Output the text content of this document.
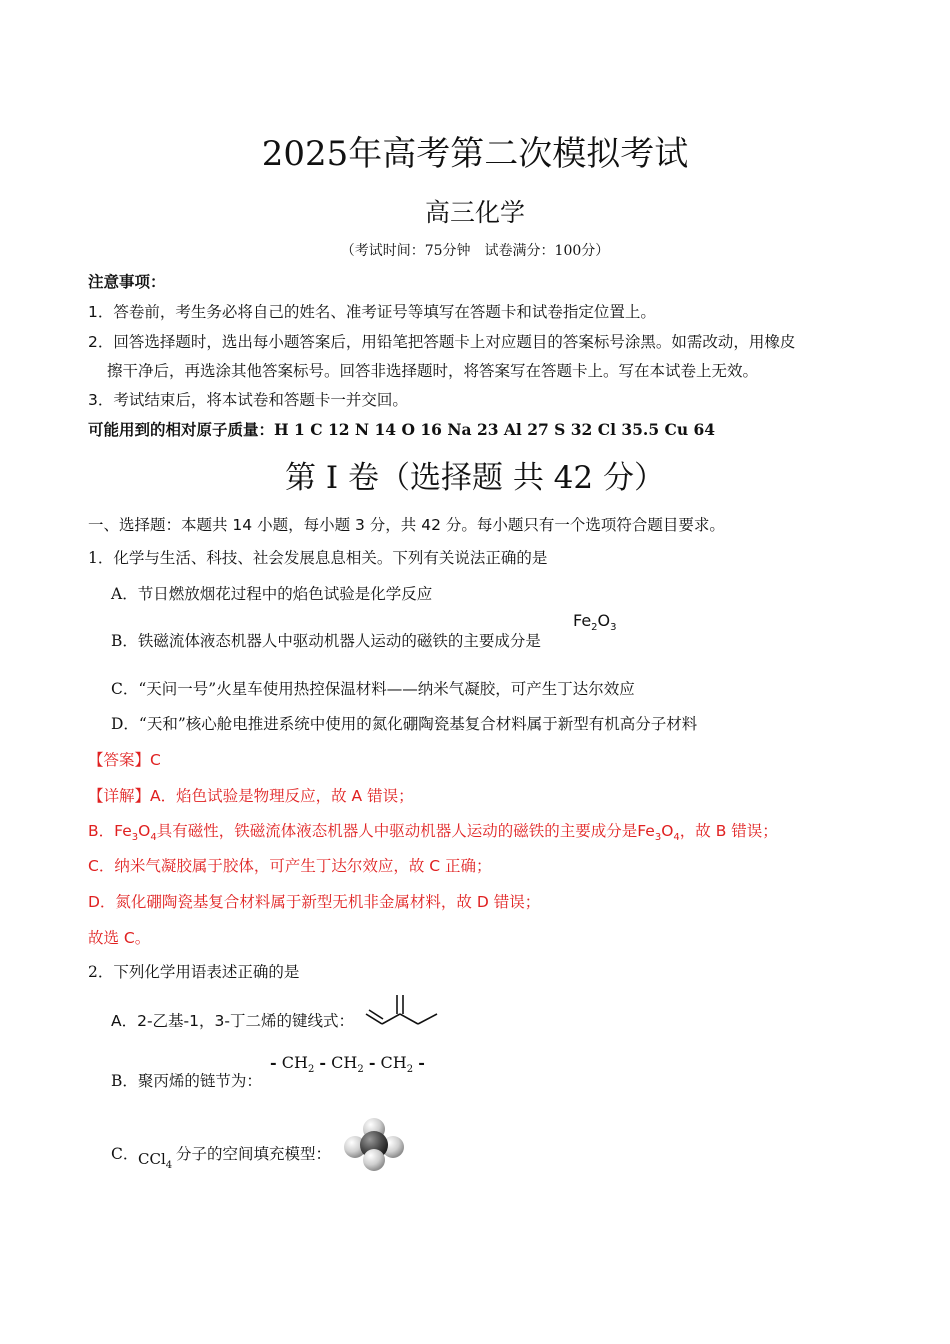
2025年高考第二次模拟考试
高三化学
（考试时间：75分钟　试卷满分：100分）
注意事项：
1．答卷前，考生务必将自己的姓名、准考证号等填写在答题卡和试卷指定位置上。
2．回答选择题时，选出每小题答案后，用铅笔把答题卡上对应题目的答案标号涂黑。如需改动，用橡皮
擦干净后，再选涂其他答案标号。回答非选择题时，将答案写在答题卡上。写在本试卷上无效。
3．考试结束后，将本试卷和答题卡一并交回。
可能用到的相对原子质量：H 1 C 12 N 14 O 16 Na 23 Al 27 S 32 Cl 35.5 Cu 64
第 I 卷（选择题 共 42 分）
一、选择题：本题共 14 小题，每小题 3 分，共 42 分。每小题只有一个选项符合题目要求。
1．化学与生活、科技、社会发展息息相关。下列有关说法正确的是
A．节日燃放烟花过程中的焰色试验是化学反应
B．铁磁流体液态机器人中驱动机器人运动的磁铁的主要成分是
$Fe_2O_3$
C．“天问一号”火星车使用热控保温材料——纳米气凝胶，可产生丁达尔效应
D．“天和”核心舱电推进系统中使用的氮化硼陶瓷基复合材料属于新型有机高分子材料
【答案】C
【详解】A．焰色试验是物理反应，故 A 错误；
B．$Fe_3O_4$具有磁性，铁磁流体液态机器人中驱动机器人运动的磁铁的主要成分是$Fe_3O_4$，故 B 错误；
C．纳米气凝胶属于胶体，可产生丁达尔效应，故 C 正确；
D．氮化硼陶瓷基复合材料属于新型无机非金属材料，故 D 错误；
故选 C。
2．下列化学用语表述正确的是
A．2-乙基-1，3-丁二烯的键线式：
B．聚丙烯的链节为：
- $CH_2 - CH_2 - CH_2$ -
C． CCl$_4$
分子的空间填充模型：
